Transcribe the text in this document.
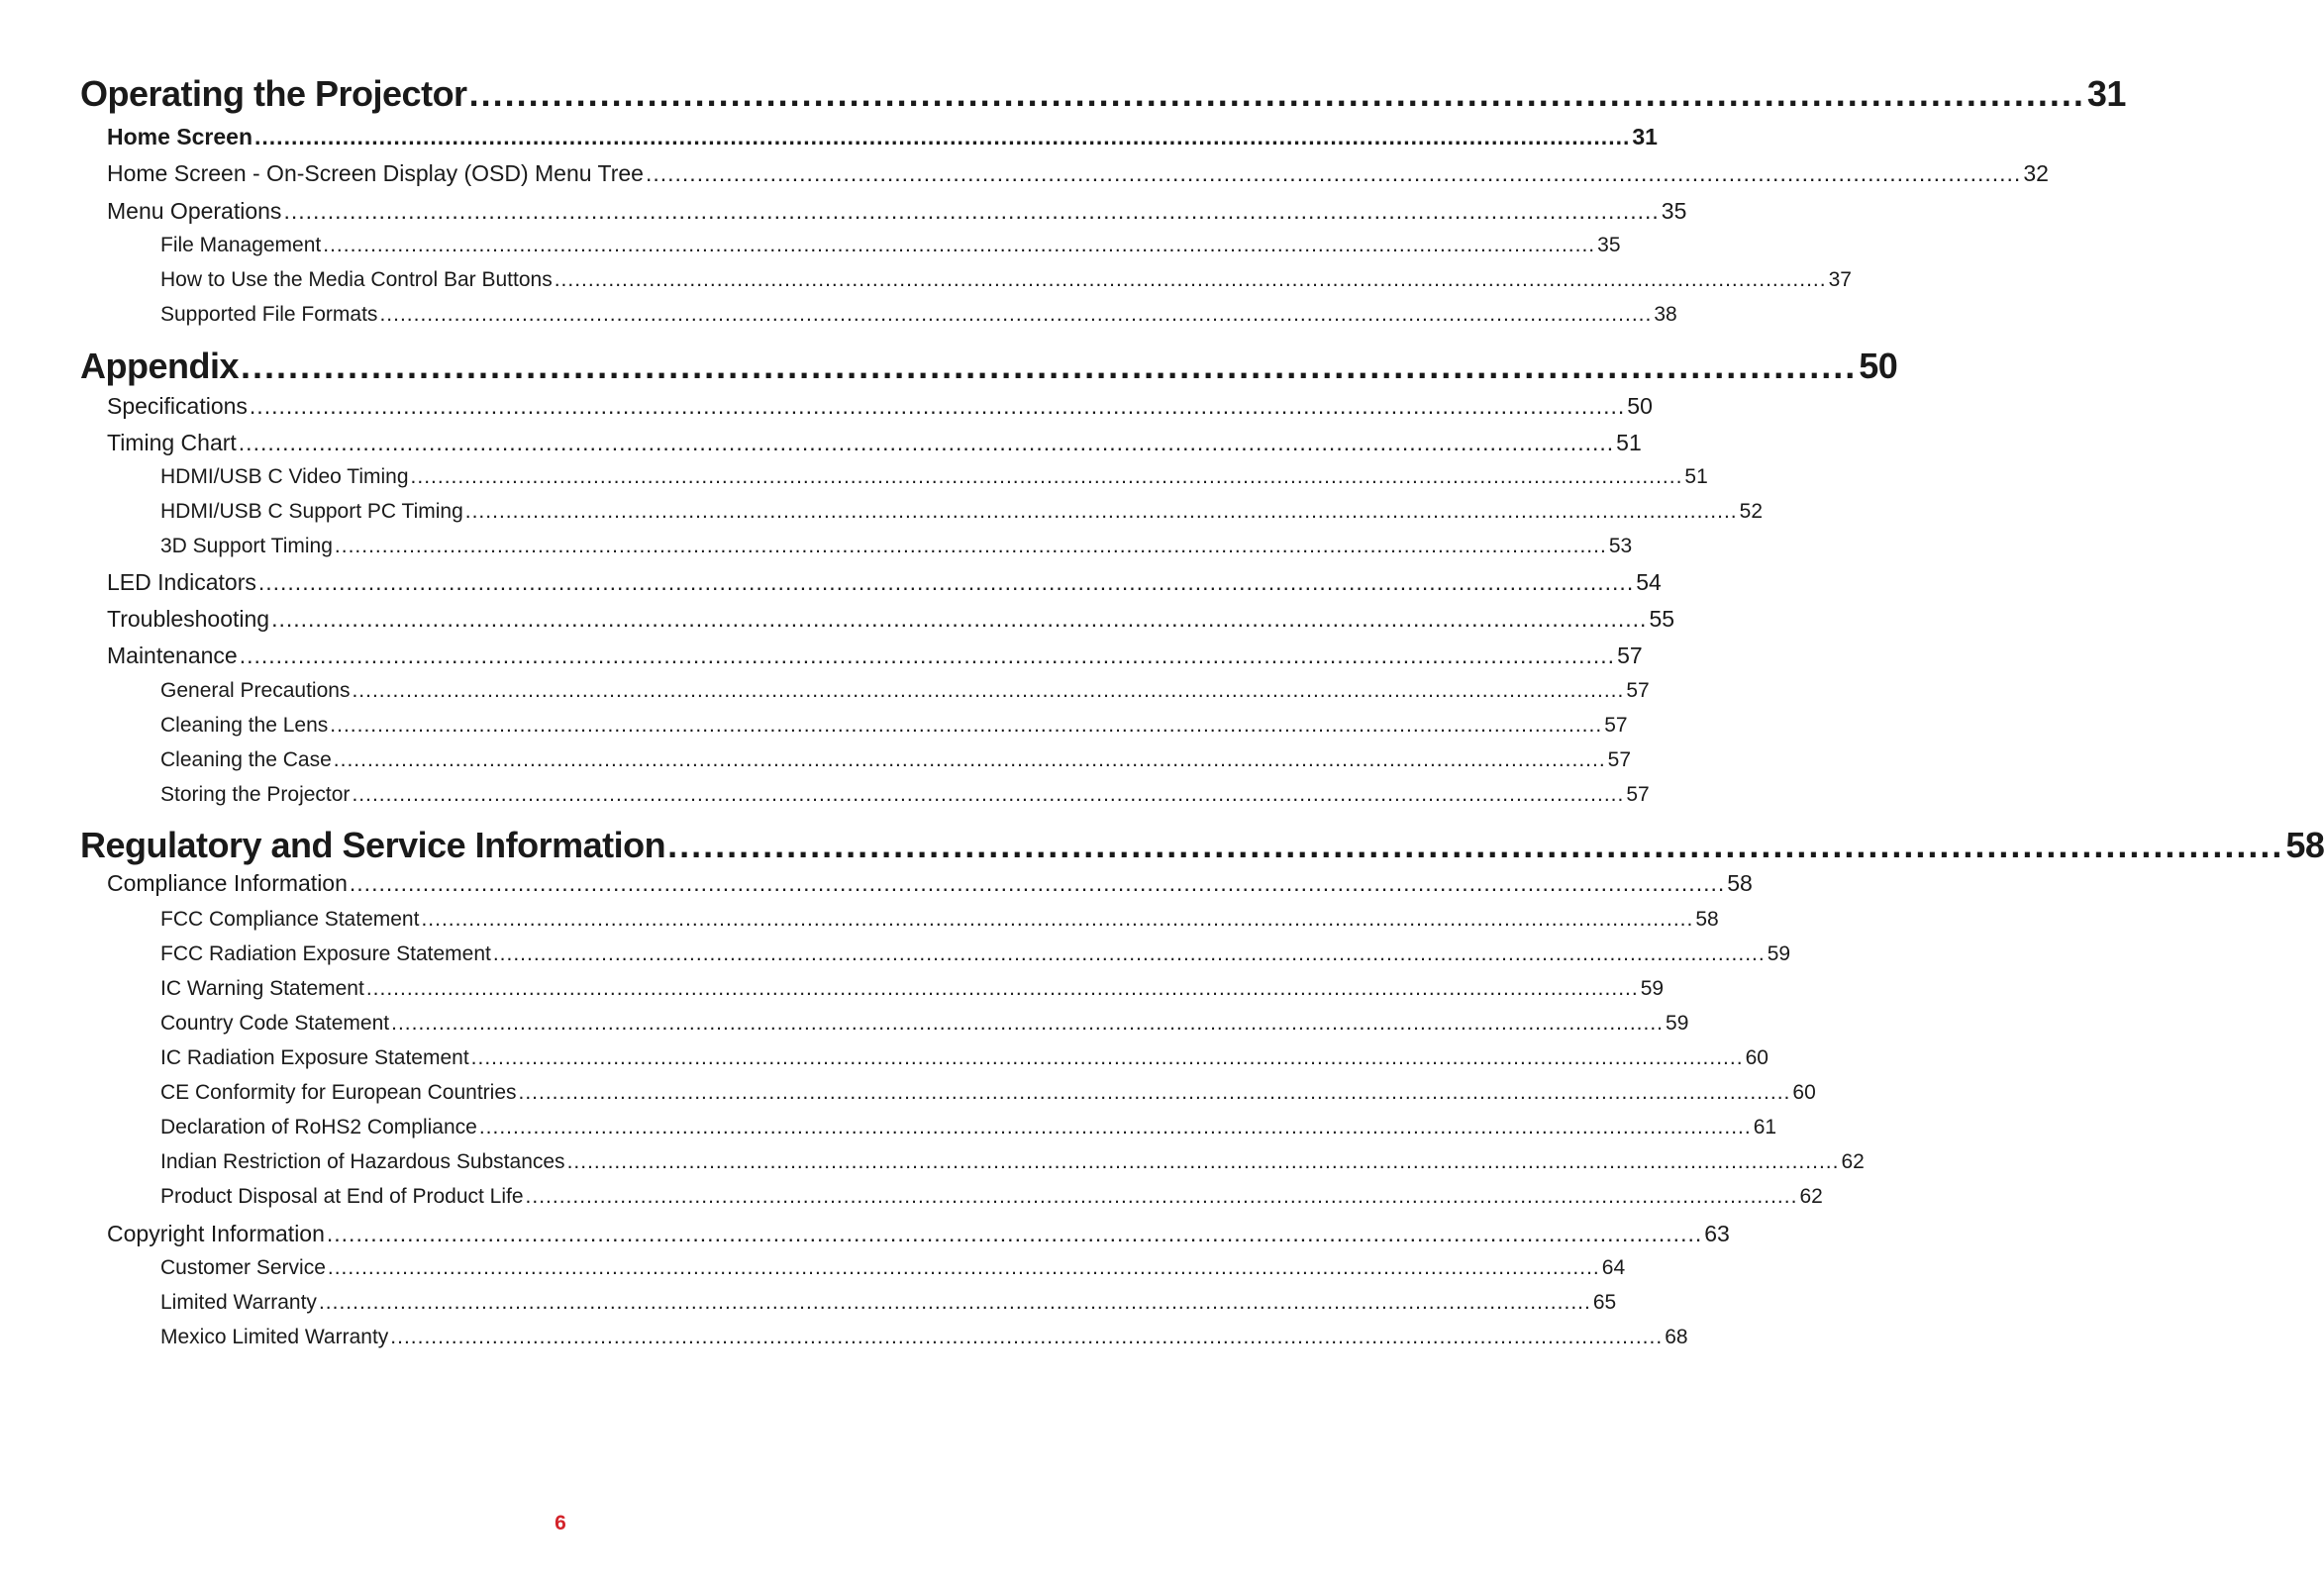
Operating the Projector ........................................................................................................................................ 31
Home Screen ............................................................................................................................................................................................ 31
Home Screen - On-Screen Display (OSD) Menu Tree ............................................................................................................................................................................................ 32
Menu Operations ............................................................................................................................................................................................ 35
File Management ............................................................................................................................................................................................ 35
How to Use the Media Control Bar Buttons ............................................................................................................................................................................................ 37
Supported File Formats ............................................................................................................................................................................................ 38
Appendix ........................................................................................................................................ 50
Specifications ............................................................................................................................................................................................ 50
Timing Chart ............................................................................................................................................................................................ 51
HDMI/USB C Video Timing ............................................................................................................................................................................................ 51
HDMI/USB C Support PC Timing ............................................................................................................................................................................................ 52
3D Support Timing ............................................................................................................................................................................................ 53
LED Indicators ............................................................................................................................................................................................ 54
Troubleshooting ............................................................................................................................................................................................ 55
Maintenance ............................................................................................................................................................................................ 57
General Precautions ............................................................................................................................................................................................ 57
Cleaning the Lens ............................................................................................................................................................................................ 57
Cleaning the Case ............................................................................................................................................................................................ 57
Storing the Projector ............................................................................................................................................................................................ 57
Regulatory and Service Information ........................................................................................................................................ 58
Compliance Information ............................................................................................................................................................................................ 58
FCC Compliance Statement ............................................................................................................................................................................................ 58
FCC Radiation Exposure Statement ............................................................................................................................................................................................ 59
IC Warning Statement ............................................................................................................................................................................................ 59
Country Code Statement ............................................................................................................................................................................................ 59
IC Radiation Exposure Statement ............................................................................................................................................................................................ 60
CE Conformity for European Countries ............................................................................................................................................................................................ 60
Declaration of RoHS2 Compliance ............................................................................................................................................................................................ 61
Indian Restriction of Hazardous Substances ............................................................................................................................................................................................ 62
Product Disposal at End of Product Life ............................................................................................................................................................................................ 62
Copyright Information ............................................................................................................................................................................................ 63
Customer Service ............................................................................................................................................................................................ 64
Limited Warranty ............................................................................................................................................................................................ 65
Mexico Limited Warranty ............................................................................................................................................................................................ 68
6
